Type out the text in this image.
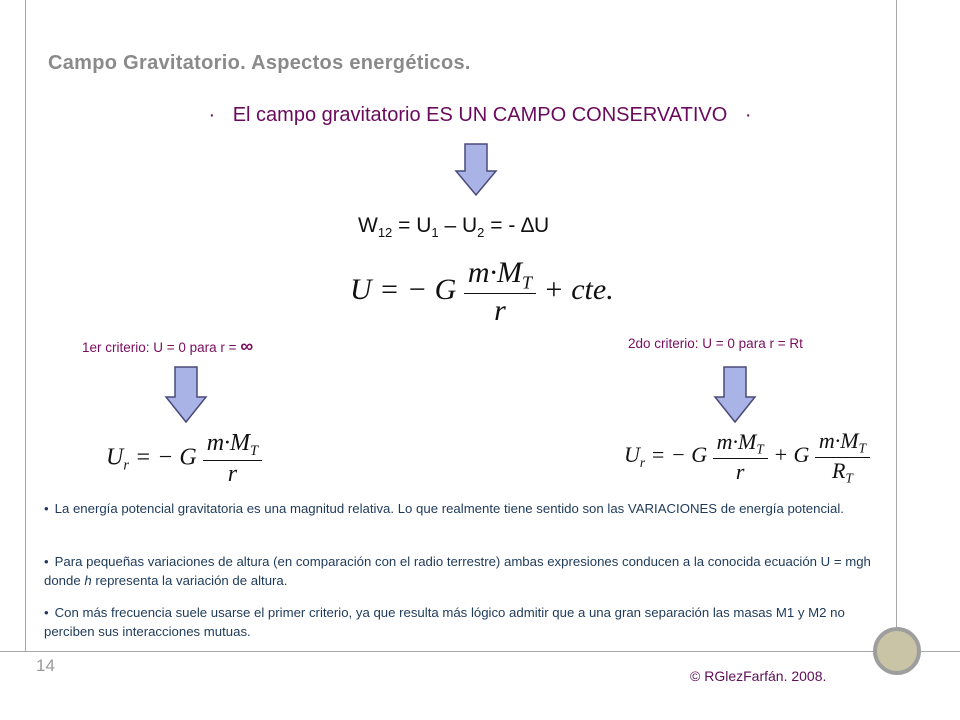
Campo Gravitatorio. Aspectos energéticos.
· El campo gravitatorio ES UN CAMPO CONSERVATIVO ·
$W_{12} = U_1 - U_2$ = - ∆U
U = − G $\frac{m\cdot M_T}{r}$ + cte.
1er criterio: U = 0 para r = ∞	2do criterio: U = 0 para r = Rt
$U_r$ = − G $\frac{m\cdot M_T}{r}$	$U_r$ = − G $\frac{m\cdot M_T}{r} + G \frac{m\cdot M_T}{R_T}$
• La energía potencial gravitatoria es una magnitud relativa. Lo que realmente tiene sentido son las VARIACIONES de energía potencial.
• Para pequeñas variaciones de altura (en comparación con el radio terrestre) ambas expresiones conducen a la conocida ecuación U = mgh donde h representa la variación de altura.
• Con más frecuencia suele usarse el primer criterio, ya que resulta más lógico admitir que a una gran separación las masas M1 y M2 no perciben sus interacciones mutuas.
14
© RGlezFarfán. 2008.
